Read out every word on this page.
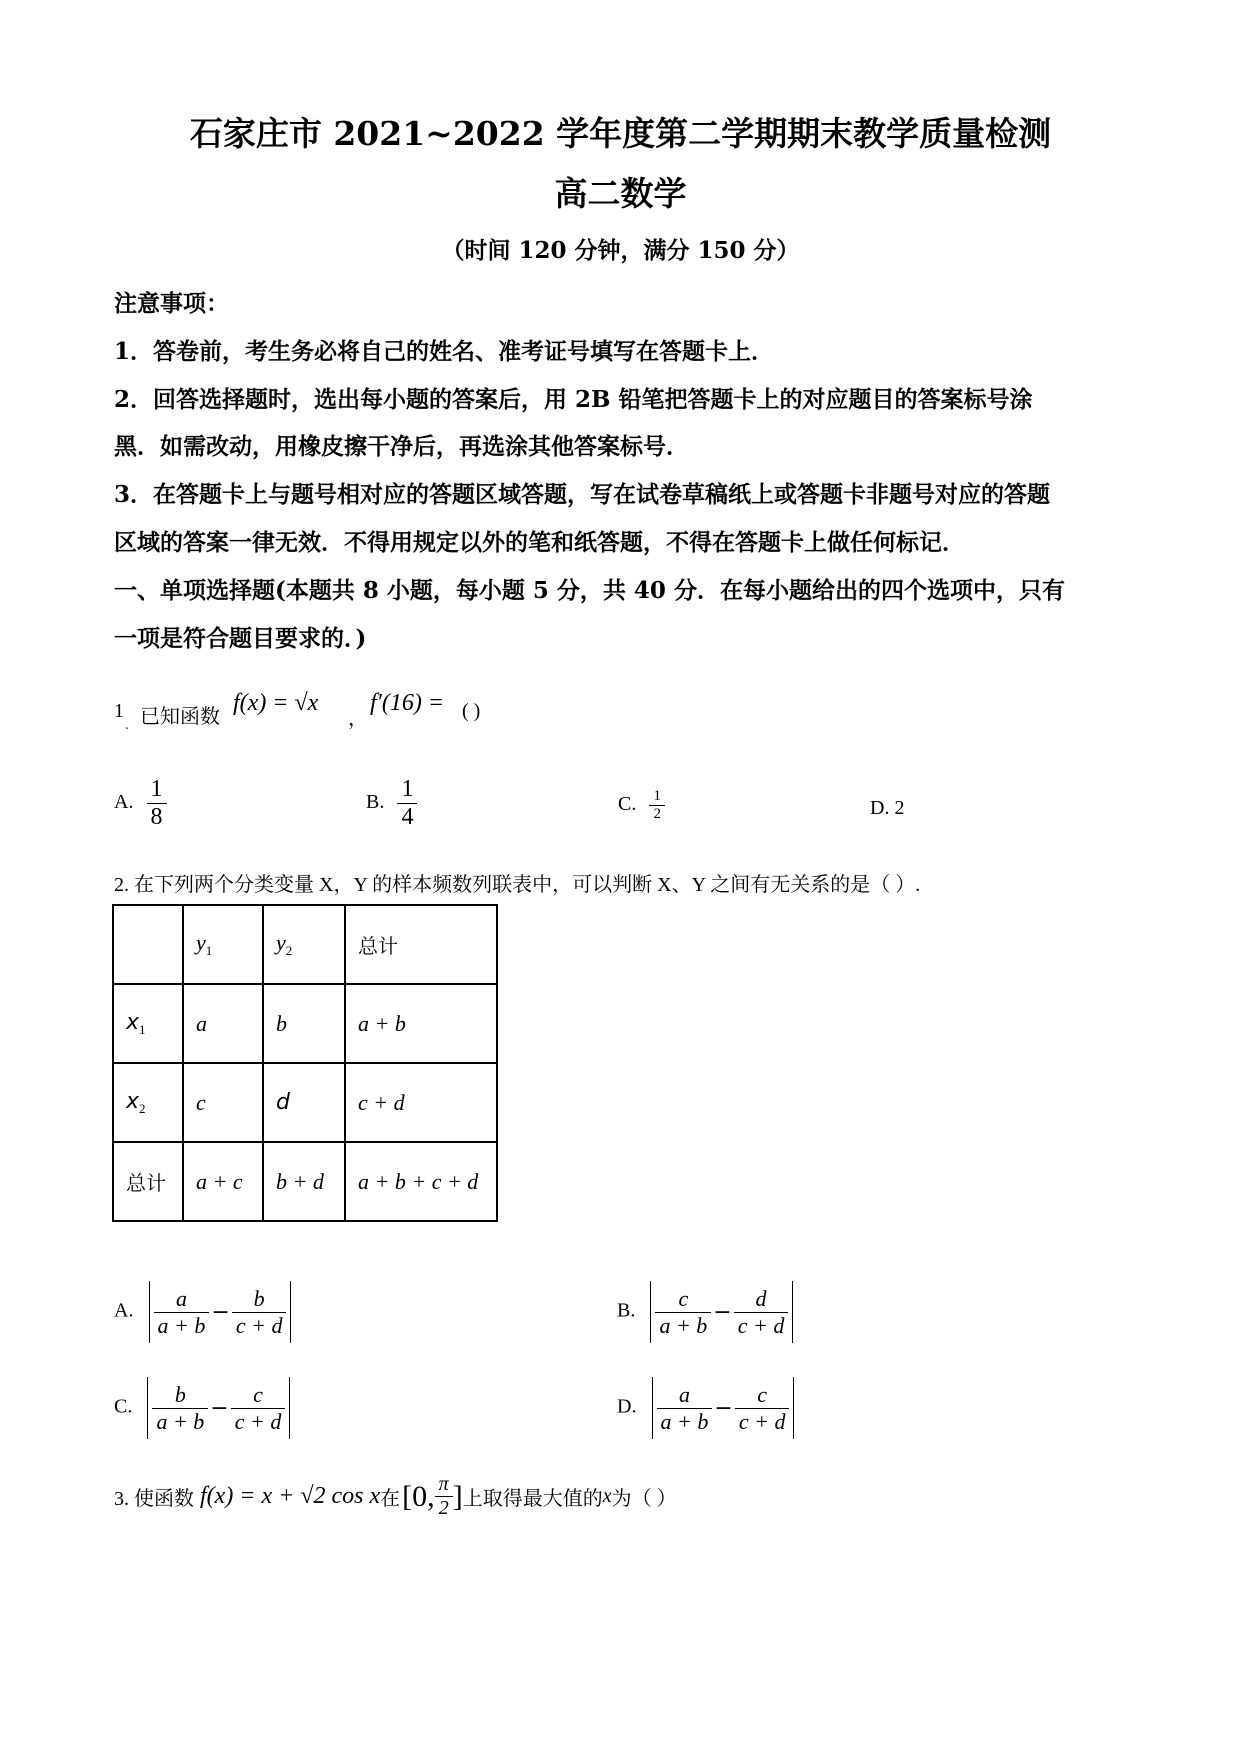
石家庄市 2021~2022 学年度第二学期期末教学质量检测
高二数学
（时间 120 分钟，满分 150 分）
注意事项：
1．答卷前，考生务必将自己的姓名、准考证号填写在答题卡上．
2．回答选择题时，选出每小题的答案后，用 2B 铅笔把答题卡上的对应题目的答案标号涂
黑．如需改动，用橡皮擦干净后，再选涂其他答案标号．
3．在答题卡上与题号相对应的答题区域答题，写在试卷草稿纸上或答题卡非题号对应的答题
区域的答案一律无效．不得用规定以外的笔和纸答题，不得在答题卡上做任何标记．
一、单项选择题(本题共 8 小题，每小题 5 分，共 40 分．在每小题给出的四个选项中，只有
一项是符合题目要求的．)
1
. 已知函数
f(x) = √x
，
f′(16) = ( )
A. $\frac{1}{8}$	B. $\frac{1}{4}$	C. $\frac{1}{2}$	D. 2
2. 在下列两个分类变量 X，Y 的样本频数列联表中，可以判断 X、Y 之间有无关系的是（ ）.
	$y_1$	$y_2$	总计
$x_1$	a	b	a + b
$x_2$	c	d	c + d
总计	a + c	b + d	a + b + c + d
A. $\frac{a}{a + b} - \frac{b}{c + d}$	B. $\frac{c}{a + b} - \frac{d}{c + d}$
C. $\frac{b}{a + b} - \frac{c}{c + d}$	D. $\frac{a}{a + b} - \frac{c}{c + d}$
3. 使函数 f(x) = x + √2 cos x 在 [0, $\frac{\pi}{2}$ ] 上取得最大值的 x 为（ ）
